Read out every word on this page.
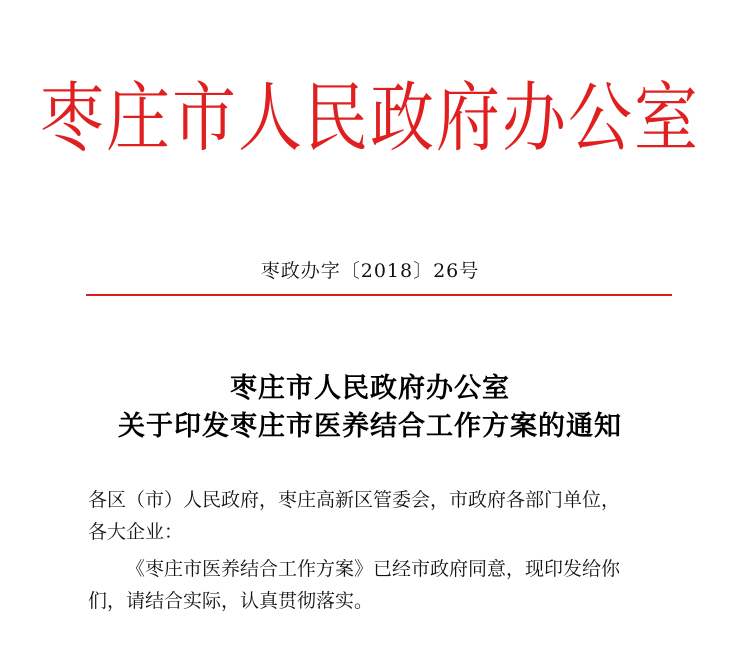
枣庄市人民政府办公室
枣政办字〔2018〕26号
枣庄市人民政府办公室
关于印发枣庄市医养结合工作方案的通知
各区（市）人民政府，枣庄高新区管委会，市政府各部门单位，
各大企业：
《枣庄市医养结合工作方案》已经市政府同意，现印发给你
们，请结合实际，认真贯彻落实。
